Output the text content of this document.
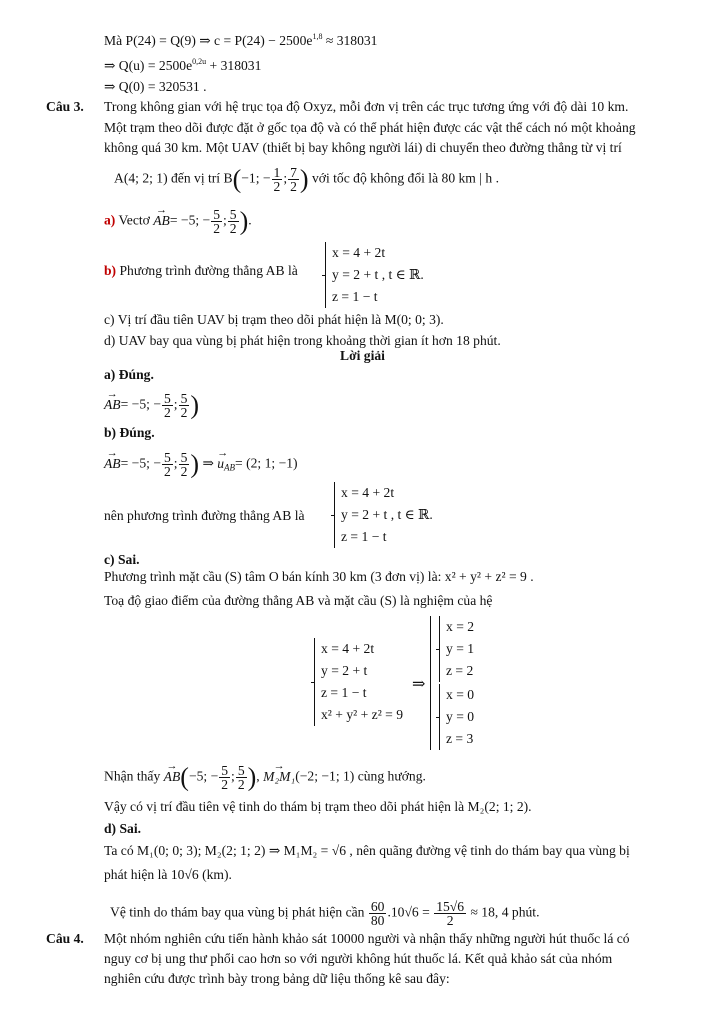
Mà P(24) = Q(9) ⇒ $c = P(24) - 2500e^{1,8} \approx 318031$
⇒ $Q(u) = 2500e^{0,2u} + 318031$
⇒ Q(0) = 320531 .
Câu 3. Trong không gian với hệ trục tọa độ Oxyz, mỗi đơn vị trên các trục tương ứng với độ dài 10 km.
Một trạm theo dõi được đặt ở gốc tọa độ và có thể phát hiện được các vật thể cách nó một khoảng
không quá 30 km. Một UAV (thiết bị bay không người lái) di chuyển theo đường thẳng từ vị trí
A(4; 2; 1) đến vị trí B(−1; − $\frac{1}{2}$ ; $\frac{7}{2}$ ) với tốc độ không đổi là 80 km | h .
a) Vectơ → AB= −5; − $\frac{5}{2}$ ; $\frac{5}{2}$ ).
b) Phương trình đường thẳng AB là
x = 4 + 2t
y = 2 + t , t ∈ ℝ.
z = 1 − t
c) Vị trí đầu tiên UAV bị trạm theo dõi phát hiện là M(0; 0; 3).
d) UAV bay qua vùng bị phát hiện trong khoảng thời gian ít hơn 18 phút.
Lời giải
a) Đúng.
→ AB= −5; − $\frac{5}{2}$ ; $\frac{5}{2}$ )
b) Đúng.
→ AB= −5; − $\frac{5}{2}$ ; $\frac{5}{2}$ ) ⇒ → $u_{AB}= (2$; 1; −1)
nên phương trình đường thẳng AB là
x = 4 + 2t
y = 2 + t , t ∈ ℝ.
z = 1 − t
c) Sai.
Phương trình mặt cầu (S) tâm O bán kính 30 km (3 đơn vị) là: x² + y² + z² = 9 .
Toạ độ giao điểm của đường thẳng AB và mặt cầu (S) là nghiệm của hệ
x = 4 + 2t
y = 2 + t
z = 1 − t
x² + y² + z² = 9
⇒
x = 2
y = 1
z = 2

x = 0
y = 0
z = 3
Nhận thấy → AB(−5; − $\frac{5}{2}$ ; $\frac{5}{2}$ ), → M₂M₁(−2; −1; 1) cùng hướng.
Vậy có vị trí đầu tiên vệ tinh do thám bị trạm theo dõi phát hiện là M₂(2; 1; 2).
d) Sai.
Ta có M₁(0; 0; 3); M₂(2; 1; 2) ⇒ M₁M₂ = √6 , nên quãng đường vệ tinh do thám bay qua vùng bị
phát hiện là 10√6 (km).
Vệ tinh do thám bay qua vùng bị phát hiện cần $\frac{60}{80} .10√6 = \frac{15√6}{2} \approx 18$, 4 phút.
Câu 4. Một nhóm nghiên cứu tiến hành khảo sát 10000 người và nhận thấy những người hút thuốc lá có
nguy cơ bị ung thư phổi cao hơn so với người không hút thuốc lá. Kết quả khảo sát của nhóm
nghiên cứu được trình bày trong bảng dữ liệu thống kê sau đây:
